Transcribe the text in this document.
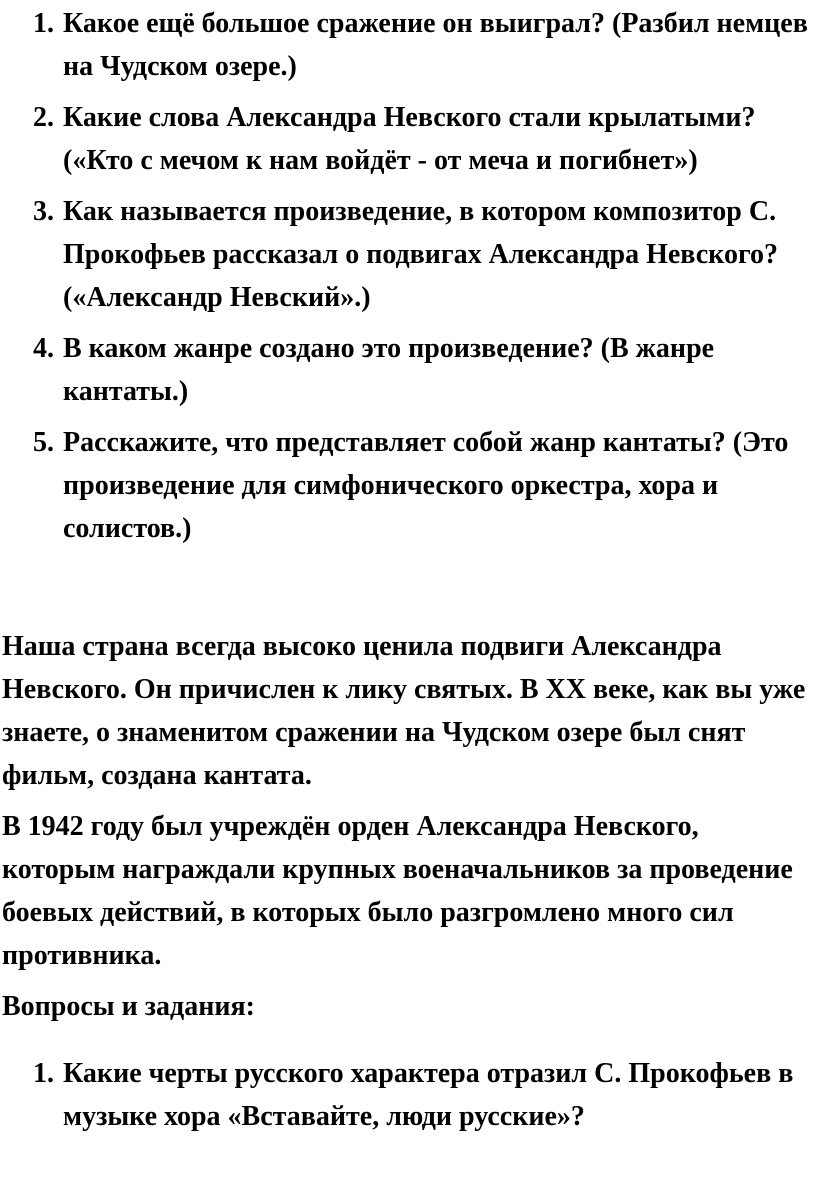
1. Какое ещё большое сражение он выиграл? (Разбил немцев на Чудском озере.)
2. Какие слова Александра Невского стали крылатыми? («Кто с мечом к нам войдёт - от меча и погибнет»)
3. Как называется произведение, в котором композитор С. Прокофьев рассказал о подвигах Александра Невского? («Александр Невский».)
4. В каком жанре создано это произведение? (В жанре кантаты.)
5. Расскажите, что представляет собой жанр кантаты? (Это произведение для симфонического оркестра, хора и солистов.)

Наша страна всегда высоко ценила подвиги Александра Невского. Он причислен к лику святых. В ХХ веке, как вы уже знаете, о знаменитом сражении на Чудском озере был снят фильм, создана кантата.

В 1942 году был учреждён орден Александра Невского, которым награждали крупных военачальников за проведение боевых действий, в которых было разгромлено много сил противника.

Вопросы и задания:

1. Какие черты русского характера отразил С. Прокофьев в музыке хора «Вставайте, люди русские»?
